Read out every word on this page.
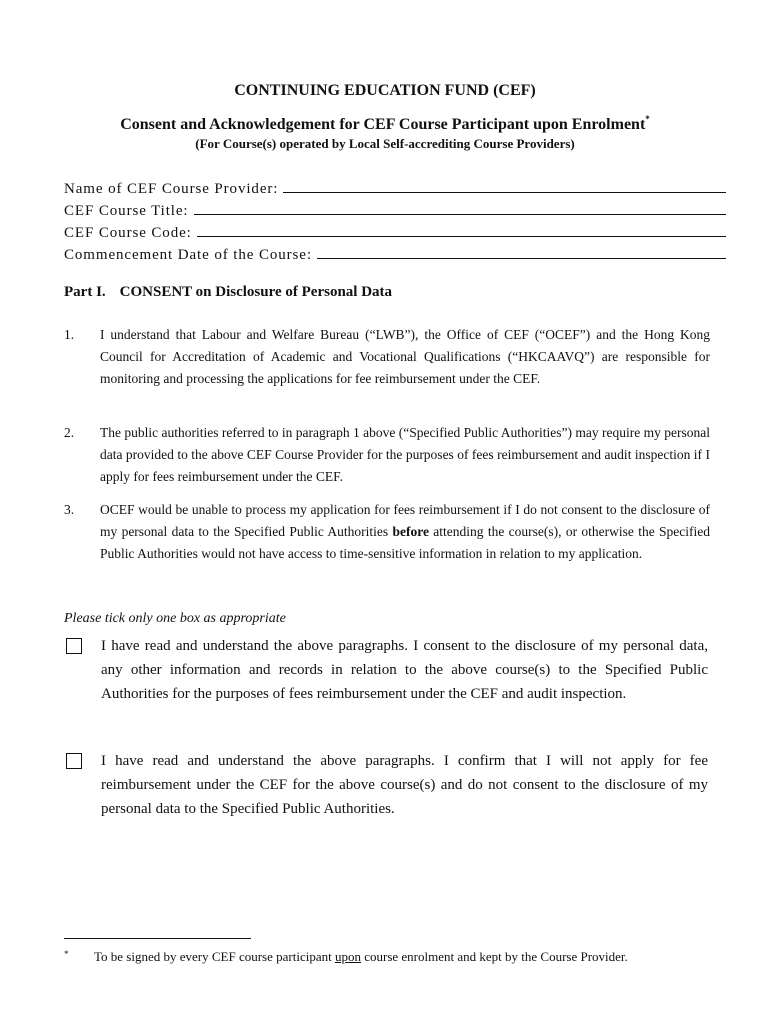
CONTINUING EDUCATION FUND (CEF)
Consent and Acknowledgement for CEF Course Participant upon Enrolment*
(For Course(s) operated by Local Self-accrediting Course Providers)
Name of CEF Course Provider:
CEF Course Title:
CEF Course Code:
Commencement Date of the Course:
Part I. CONSENT on Disclosure of Personal Data
1. I understand that Labour and Welfare Bureau (“LWB”), the Office of CEF (“OCEF”) and the Hong Kong Council for Accreditation of Academic and Vocational Qualifications (“HKCAAVQ”) are responsible for monitoring and processing the applications for fee reimbursement under the CEF.
2. The public authorities referred to in paragraph 1 above (“Specified Public Authorities”) may require my personal data provided to the above CEF Course Provider for the purposes of fees reimbursement and audit inspection if I apply for fees reimbursement under the CEF.
3. OCEF would be unable to process my application for fees reimbursement if I do not consent to the disclosure of my personal data to the Specified Public Authorities before attending the course(s), or otherwise the Specified Public Authorities would not have access to time-sensitive information in relation to my application.
Please tick only one box as appropriate
I have read and understand the above paragraphs. I consent to the disclosure of my personal data, any other information and records in relation to the above course(s) to the Specified Public Authorities for the purposes of fees reimbursement under the CEF and audit inspection.
I have read and understand the above paragraphs. I confirm that I will not apply for fee reimbursement under the CEF for the above course(s) and do not consent to the disclosure of my personal data to the Specified Public Authorities.
* To be signed by every CEF course participant upon course enrolment and kept by the Course Provider.
